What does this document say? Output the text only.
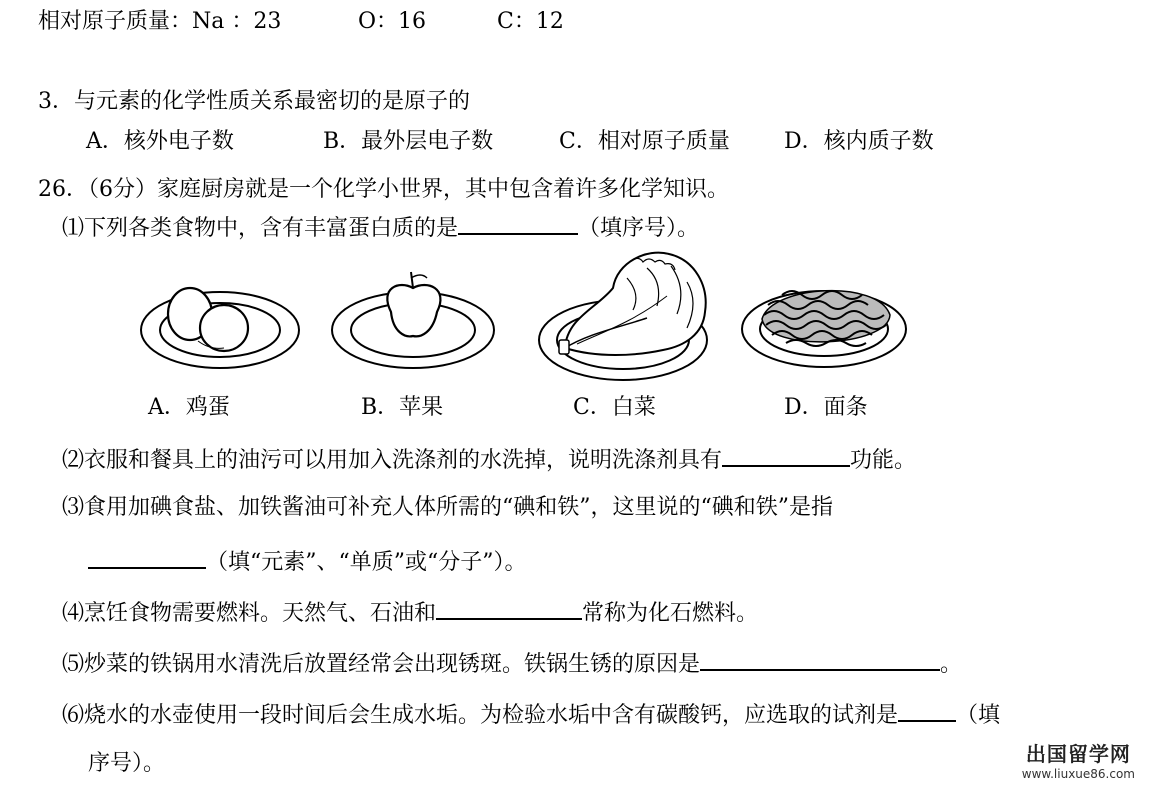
相对原子质量：Na ：23	O：16	C：12
3．与元素的化学性质关系最密切的是原子的
A．核外电子数	B．最外层电子数	C．相对原子质量 D．核内质子数
26．（6分）家庭厨房就是一个化学小世界，其中包含着许多化学知识。
⑴下列各类食物中，含有丰富蛋白质的是	（填序号）。
A．鸡蛋	B．苹果	C．白菜	D．面条
⑵衣服和餐具上的油污可以用加入洗涤剂的水洗掉，说明洗涤剂具有	功能。
⑶食用加碘食盐、加铁酱油可补充人体所需的“碘和铁”，这里说的“碘和铁”是指
（填“元素”、“单质”或“分子”）。
⑷烹饪食物需要燃料。天然气、石油和	常称为化石燃料。
⑸炒菜的铁锅用水清洗后放置经常会出现锈斑。铁锅生锈的原因是	。
⑹烧水的水壶使用一段时间后会生成水垢。为检验水垢中含有碳酸钙，应选取的试剂是	（填
序号）。	出国留学网
www.liuxue86.com
